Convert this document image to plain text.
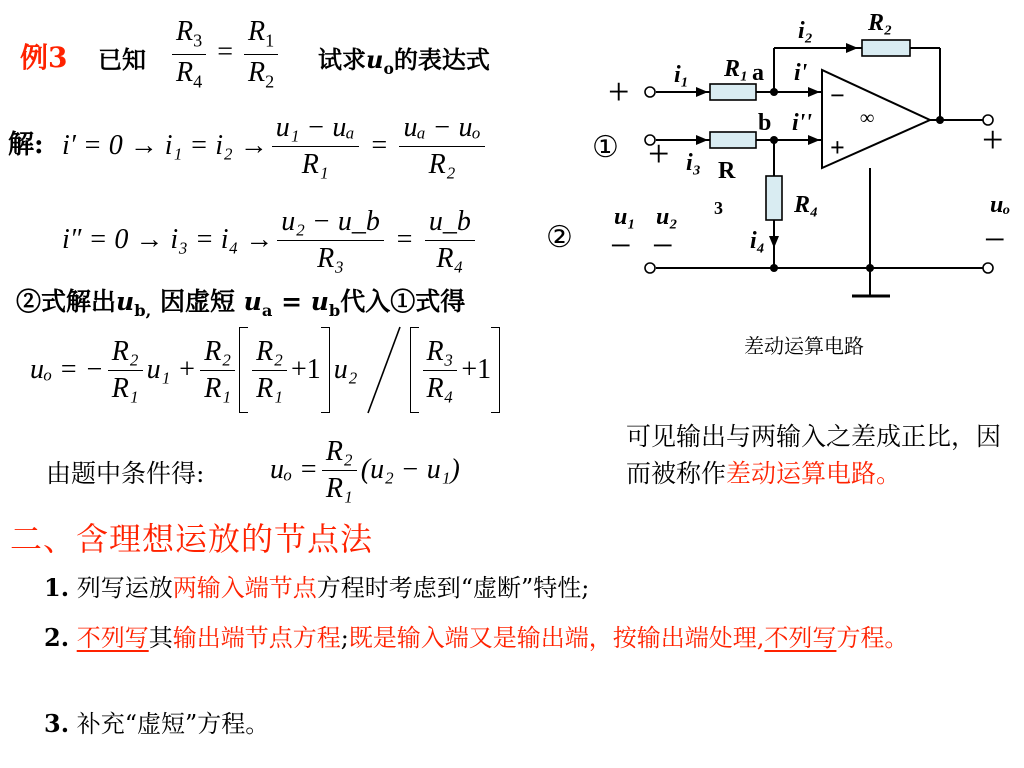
例3 已知 $\frac{R_3}{R_4} = \frac{R_1}{R_2}$ 试求$u_o$的表达式
解: $i' = 0 \to i_1 = i_2 \to \frac{\text{u₁ − uₐ}}{\text{R₁}} = \frac{\text{uₐ − uₒ}}{\text{R₂}}$	①
$i'' = 0 \to i_3 = i_4 \to \frac{\text{u₂ − u\_b}}{\text{R₃}} = \frac{u\_b}{\text{R₄}}$ ②
②式解出$u_{b,}$ 因虚短 $u_a = u_b$代入①式得
uₒ = − $\frac{\text{R₂}}{\text{R₁}} u_1 + \frac{\text{R₂}}{\text{R₁}} \frac{\text{R₂}}{\text{R₁}} +1$ $u_2 \frac{\text{R₃}}{\text{R₄}} +1$
由题中条件得: $u_o = \frac{\text{R₂}}{\text{R₁}} (u_2 - u_1)$
R₂
i₂
R₁
i₁	i'
i''
i₃
R₄
i₄
u₁ u₂	uₒ
a
b
R
3
−
+
∞
+
+	+
− −	−
差动运算电路
可见输出与两输入之差成正比，因而被称作差动运算电路。
二、含理想运放的节点法
1. 列写运放两输入端节点方程时考虑到“虚断”特性;
2. 不列写其输出端节点方程;既是输入端又是输出端，按输出端处理,不列写方程。
3. 补充“虚短”方程。
